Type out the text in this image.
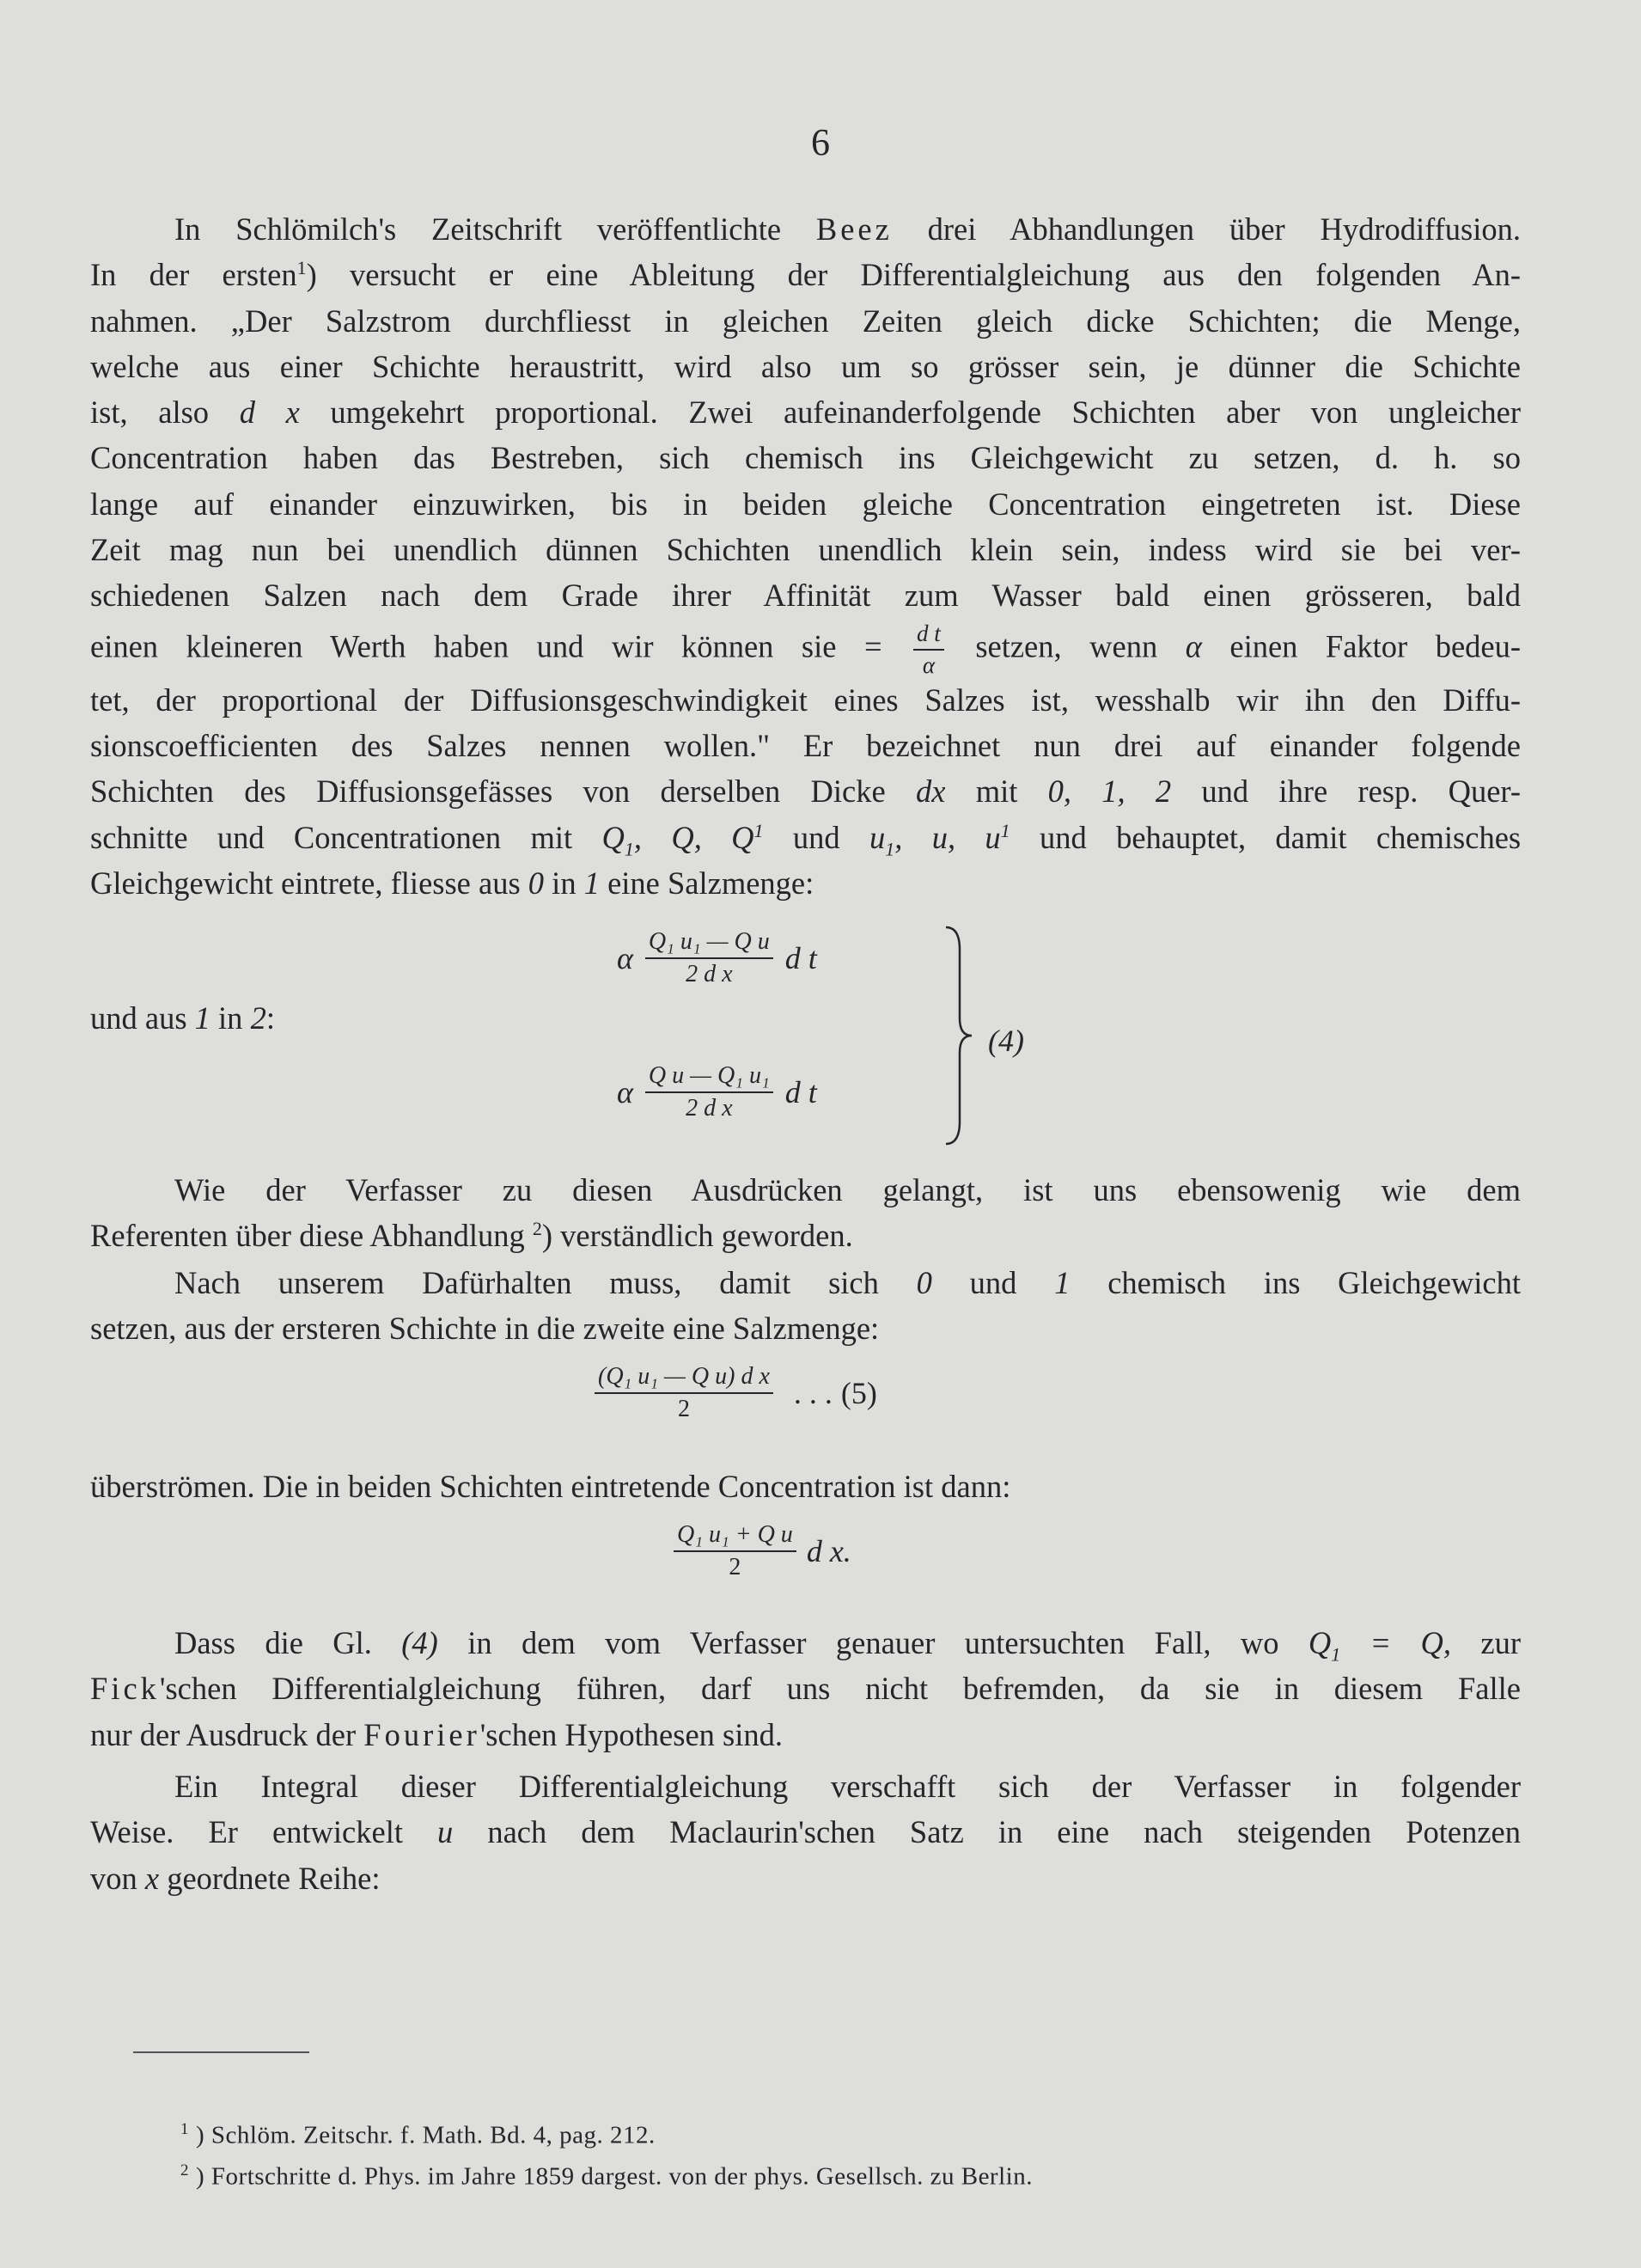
6
In Schlömilch's Zeitschrift veröffentlichte Beez drei Abhandlungen über Hydrodiffusion.
In der ersten$^1$) versucht er eine Ableitung der Differentialgleichung aus den folgenden An-
nahmen. „Der Salzstrom durchfliesst in gleichen Zeiten gleich dicke Schichten; die Menge,
welche aus einer Schichte heraustritt, wird also um so grösser sein, je dünner die Schichte
ist, also d x umgekehrt proportional. Zwei aufeinanderfolgende Schichten aber von ungleicher
Concentration haben das Bestreben, sich chemisch ins Gleichgewicht zu setzen, d. h. so
lange auf einander einzuwirken, bis in beiden gleiche Concentration eingetreten ist. Diese
Zeit mag nun bei unendlich dünnen Schichten unendlich klein sein, indess wird sie bei ver-
schiedenen Salzen nach dem Grade ihrer Affinität zum Wasser bald einen grösseren, bald
einen kleineren Werth haben und wir können sie = $\frac{\text{d t}}{\alpha}$ setzen, wenn α einen Faktor bedeu-
tet, der proportional der Diffusionsgeschwindigkeit eines Salzes ist, wesshalb wir ihn den Diffu-
sionscoefficienten des Salzes nennen wollen." Er bezeichnet nun drei auf einander folgende
Schichten des Diffusionsgefässes von derselben Dicke dx mit 0, 1, 2 und ihre resp. Quer-
schnitte und Concentrationen mit $Q_1$, Q, $Q^1$ und $u_1$, u, $u^1$ und behauptet, damit chemisches
Gleichgewicht eintrete, fliesse aus 0 in 1 eine Salzmenge:
α $\frac{\text{Q₁ u₁ — Q u}}{\text{2 d x}}$ d t
und aus 1 in 2:
α $\frac{\text{Q u — Q₁ u₁}}{\text{2 d x}}$ d t
(4)
Wie der Verfasser zu diesen Ausdrücken gelangt, ist uns ebensowenig wie dem
Referenten über diese Abhandlung $^2$) verständlich geworden.
Nach unserem Dafürhalten muss, damit sich 0 und 1 chemisch ins Gleichgewicht
setzen, aus der ersteren Schichte in die zweite eine Salzmenge:
$\frac{\text{(Q₁ u₁ — Q u) d x}}{2}$ . . . (5)
überströmen. Die in beiden Schichten eintretende Concentration ist dann:
$\frac{\text{Q₁ u₁ + Q u}}{2}$ d x.
Dass die Gl. (4) in dem vom Verfasser genauer untersuchten Fall, wo $Q_1 = Q$, zur
Fick'schen Differentialgleichung führen, darf uns nicht befremden, da sie in diesem Falle
nur der Ausdruck der Fourier'schen Hypothesen sind.
Ein Integral dieser Differentialgleichung verschafft sich der Verfasser in folgender
Weise. Er entwickelt u nach dem Maclaurin'schen Satz in eine nach steigenden Potenzen
von x geordnete Reihe:
$^1$ ) Schlöm. Zeitschr. f. Math. Bd. 4, pag. 212.
$^2$ ) Fortschritte d. Phys. im Jahre 1859 dargest. von der phys. Gesellsch. zu Berlin.
